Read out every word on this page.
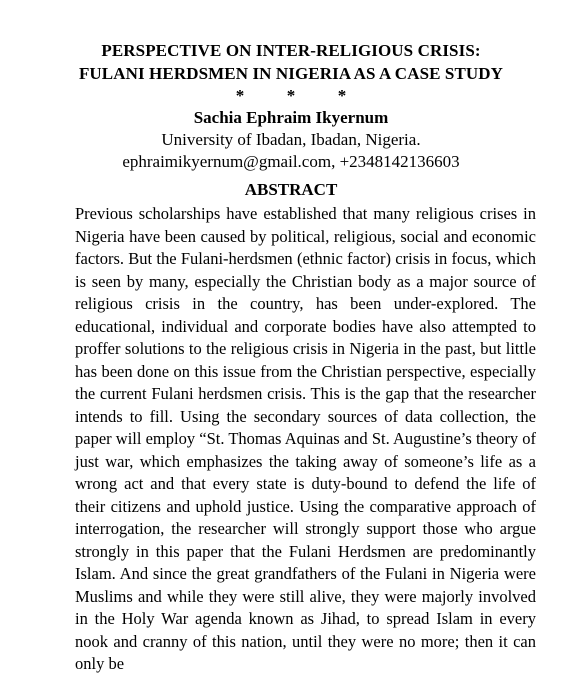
PERSPECTIVE ON INTER-RELIGIOUS CRISIS:
FULANI HERDSMEN IN NIGERIA AS A CASE STUDY
*          *          *
Sachia Ephraim Ikyernum
University of Ibadan, Ibadan, Nigeria.
ephraimikyernum@gmail.com, +2348142136603
ABSTRACT
Previous scholarships have established that many religious crises in Nigeria have been caused by political, religious, social and economic factors. But the Fulani-herdsmen (ethnic factor) crisis in focus, which is seen by many, especially the Christian body as a major source of religious crisis in the country, has been under-explored. The educational, individual and corporate bodies have also attempted to proffer solutions to the religious crisis in Nigeria in the past, but little has been done on this issue from the Christian perspective, especially the current Fulani herdsmen crisis. This is the gap that the researcher intends to fill. Using the secondary sources of data collection, the paper will employ “St. Thomas Aquinas and St. Augustine’s theory of just war, which emphasizes the taking away of someone’s life as a wrong act and that every state is duty-bound to defend the life of their citizens and uphold justice. Using the comparative approach of interrogation, the researcher will strongly support those who argue strongly in this paper that the Fulani Herdsmen are predominantly Islam. And since the great grandfathers of the Fulani in Nigeria were Muslims and while they were still alive, they were majorly involved in the Holy War agenda known as Jihad, to spread Islam in every nook and cranny of this nation, until they were no more; then it can only be
